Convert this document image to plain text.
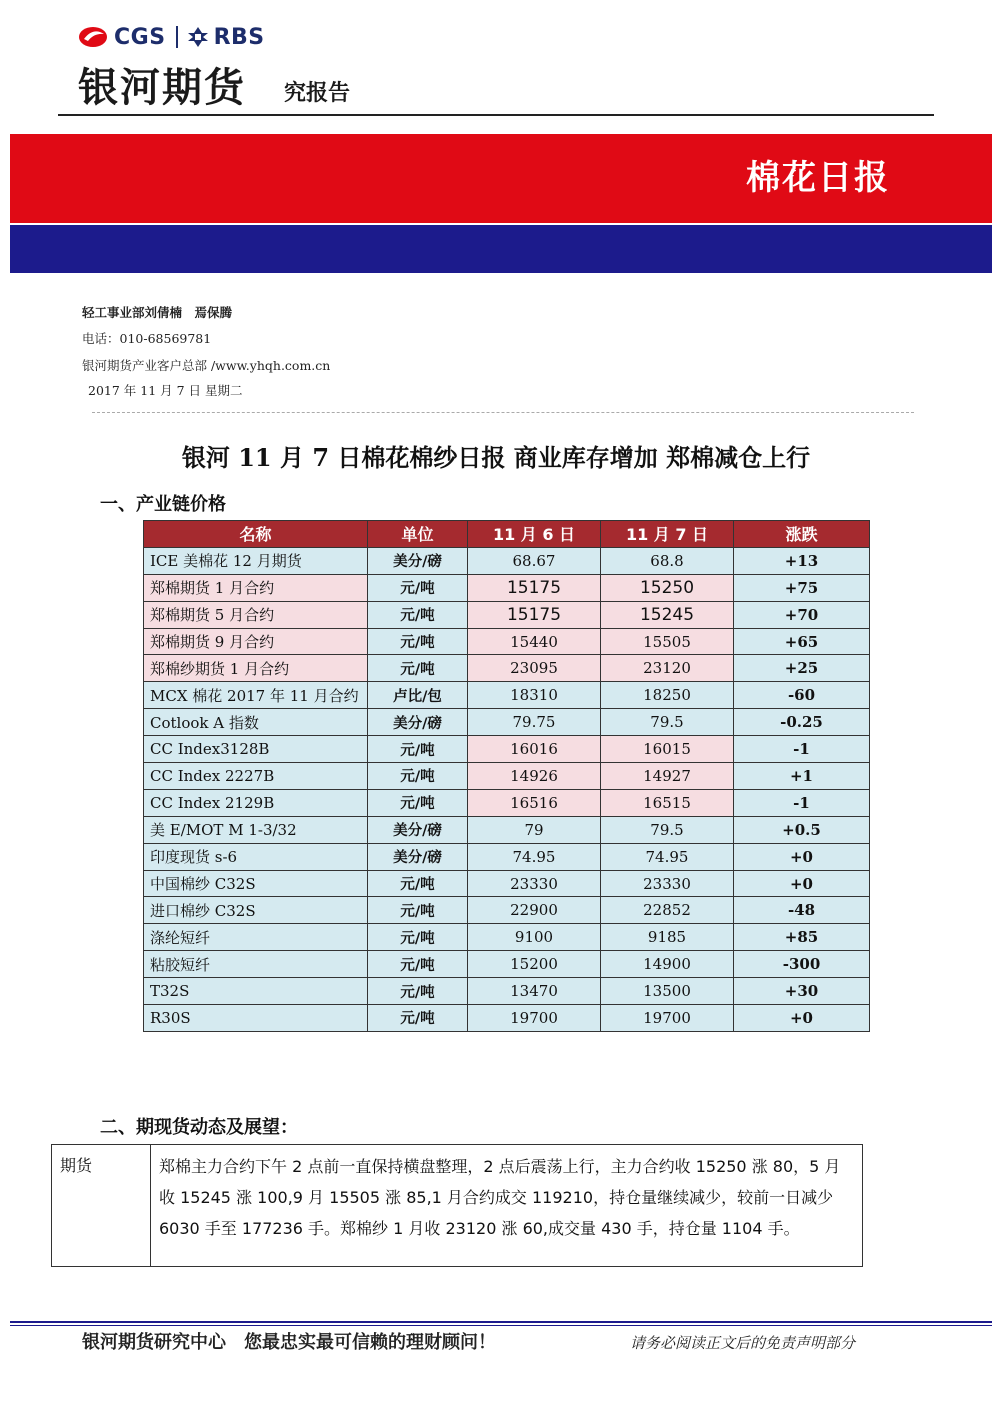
CGS RBS
银河期货 究报告
棉花日报
轻工事业部刘倩楠　焉保腾
电话：010-68569781
银河期货产业客户总部 /www.yhqh.com.cn
2017 年 11 月 7 日 星期二
银河 11 月 7 日棉花棉纱日报 商业库存增加 郑棉减仓上行
一、产业链价格
名称	单位	11 月 6 日	11 月 7 日	涨跌
ICE 美棉花 12 月期货	美分/磅	68.67	68.8	+13
郑棉期货 1 月合约	元/吨	15175	15250	+75
郑棉期货 5 月合约	元/吨	15175	15245	+70
郑棉期货 9 月合约	元/吨	15440	15505	+65
郑棉纱期货 1 月合约	元/吨	23095	23120	+25
MCX 棉花 2017 年 11 月合约	卢比/包	18310	18250	-60
Cotlook A 指数	美分/磅	79.75	79.5	-0.25
CC Index3128B	元/吨	16016	16015	-1
CC Index 2227B	元/吨	14926	14927	+1
CC Index 2129B	元/吨	16516	16515	-1
美 E/MOT M 1-3/32	美分/磅	79	79.5	+0.5
印度现货 s-6	美分/磅	74.95	74.95	+0
中国棉纱 C32S	元/吨	23330	23330	+0
进口棉纱 C32S	元/吨	22900	22852	-48
涤纶短纤	元/吨	9100	9185	+85
粘胶短纤	元/吨	15200	14900	-300
T32S	元/吨	13470	13500	+30
R30S	元/吨	19700	19700	+0
二、期现货动态及展望：
期货	郑棉主力合约下午 2 点前一直保持横盘整理，2 点后震荡上行，主力合约收 15250 涨 80，5 月收 15245 涨 100,9 月 15505 涨 85,1 月合约成交 119210，持仓量继续减少，较前一日减少 6030 手至 177236 手。郑棉纱 1 月收 23120 涨 60,成交量 430 手，持仓量 1104 手。
银河期货研究中心　您最忠实最可信赖的理财顾问！	请务必阅读正文后的免责声明部分
